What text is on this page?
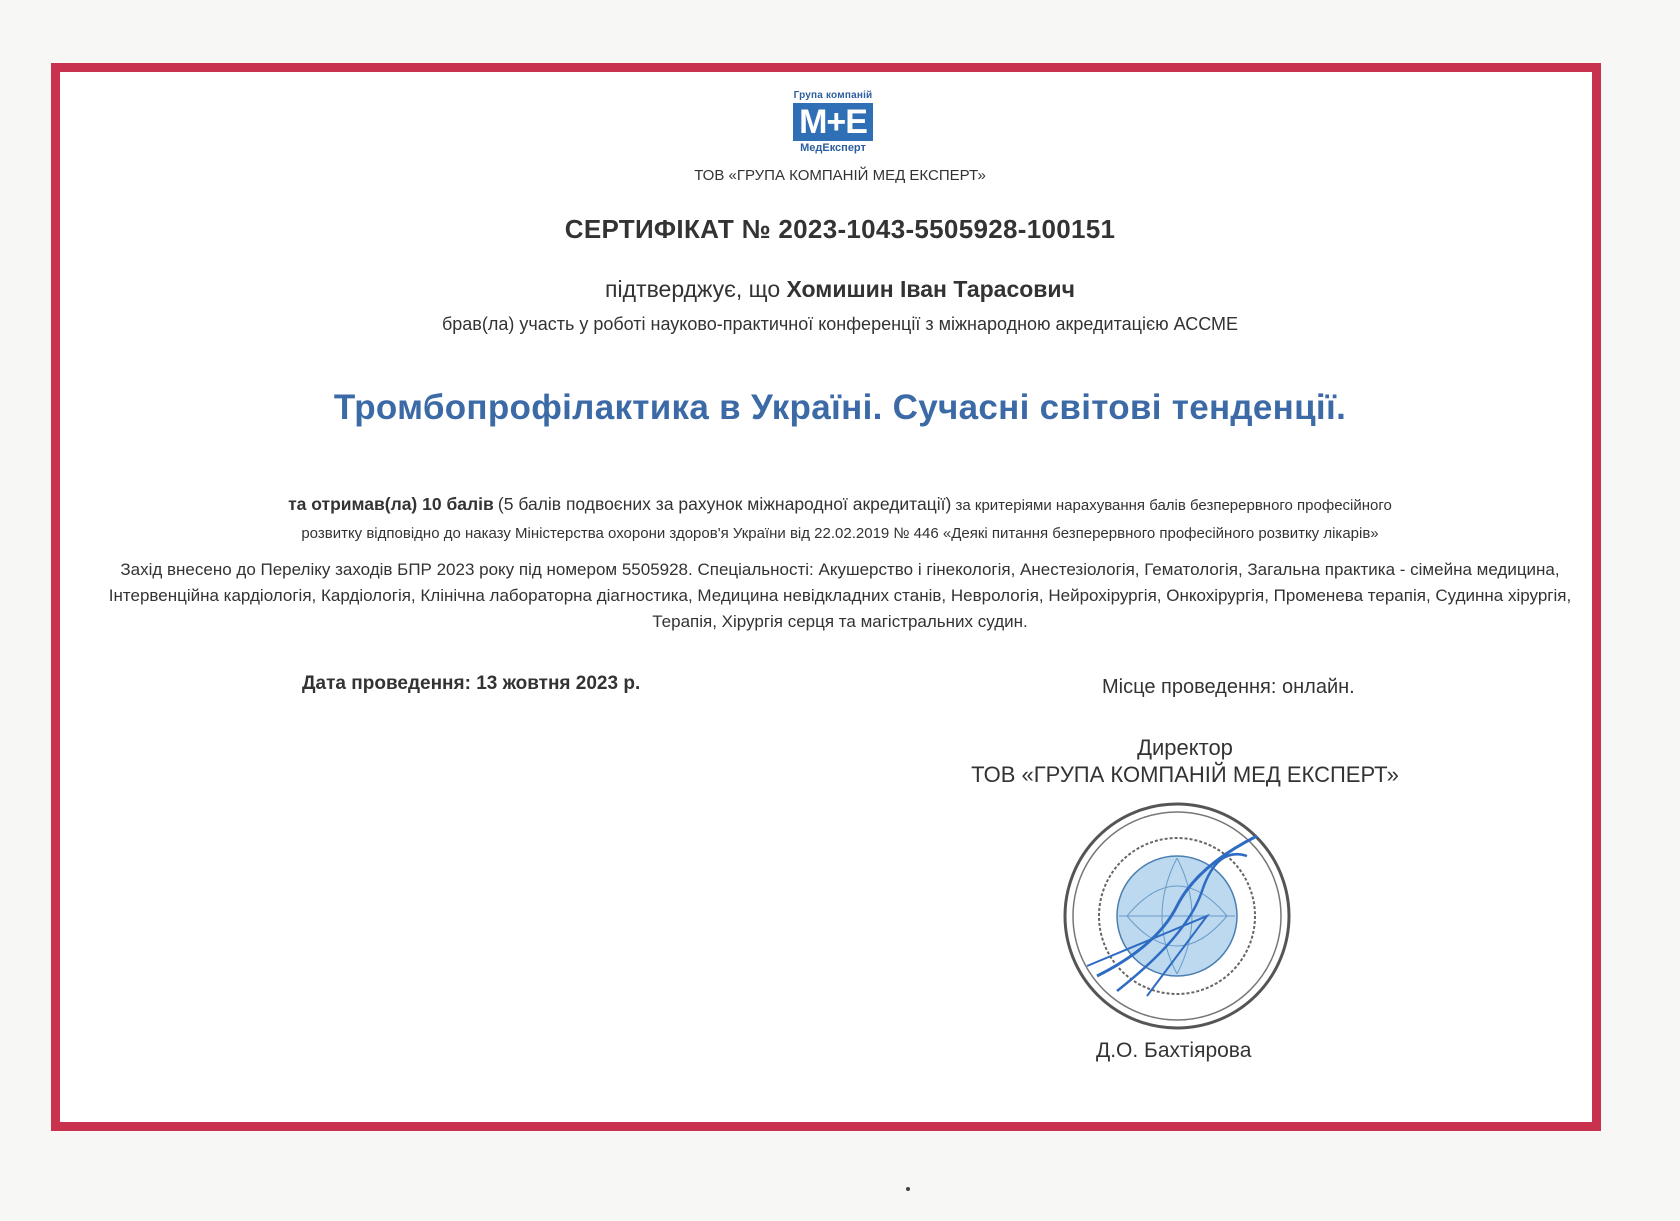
Група компаній
M+E
МедЕксперт
ТОВ «ГРУПА КОМПАНІЙ МЕД ЕКСПЕРТ»
СЕРТИФІКАТ № 2023-1043-5505928-100151
підтверджує, що Хомишин Іван Тарасович
брав(ла) участь у роботі науково-практичної конференції з міжнародною акредитацією АССМЕ
Тромбопрофілактика в Україні. Сучасні світові тенденції.
та отримав(ла) 10 балів (5 балів подвоєних за рахунок міжнародної акредитації) за критеріями нарахування балів безперервного професійного
розвитку відповідно до наказу Міністерства охорони здоров'я України від 22.02.2019 № 446 «Деякі питання безперервного професійного розвитку лікарів»
Захід внесено до Переліку заходів БПР 2023 року під номером 5505928. Спеціальності: Акушерство і гінекологія, Анестезіологія, Гематологія, Загальна практика - сімейна медицина, Інтервенційна кардіологія, Кардіологія, Клінічна лабораторна діагностика, Медицина невідкладних станів, Неврологія, Нейрохірургія, Онкохірургія, Променева терапія, Судинна хірургія, Терапія, Хірургія серця та магістральних судин.
Дата проведення: 13 жовтня 2023 р.	Місце проведення: онлайн.
Директор
ТОВ «ГРУПА КОМПАНІЙ МЕД ЕКСПЕРТ»
Д.О. Бахтіярова
